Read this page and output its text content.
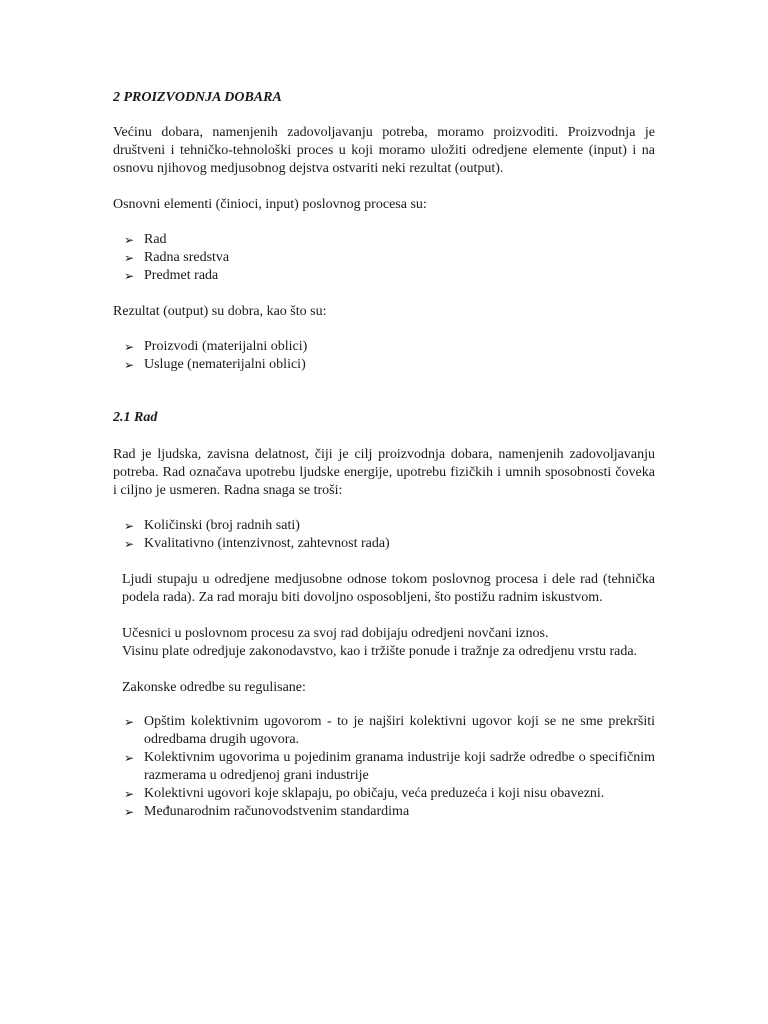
2 PROIZVODNJA DOBARA

Većinu dobara, namenjenih zadovoljavanju potreba, moramo proizvoditi. Proizvodnja je društveni i tehničko-tehnološki proces u koji moramo uložiti odredjene elemente (input) i na osnovu njihovog medjusobnog dejstva ostvariti neki rezultat (output).

Osnovni elementi (činioci, input) poslovnog procesa su:

➢ Rad
➢ Radna sredstva
➢ Predmet rada

Rezultat (output) su dobra, kao što su:

➢ Proizvodi (materijalni oblici)
➢ Usluge (nematerijalni oblici)

2.1 Rad

Rad je ljudska, zavisna delatnost, čiji je cilj proizvodnja dobara, namenjenih zadovoljavanju potreba. Rad označava upotrebu ljudske energije, upotrebu fizičkih i umnih sposobnosti čoveka i ciljno je usmeren. Radna snaga se troši:

➢ Količinski (broj radnih sati)
➢ Kvalitativno (intenzivnost, zahtevnost rada)

Ljudi stupaju u odredjene medjusobne odnose tokom poslovnog procesa i dele rad (tehnička podela rada). Za rad moraju biti dovoljno osposobljeni, što postižu radnim iskustvom.

Učesnici u poslovnom procesu za svoj rad dobijaju odredjeni novčani iznos.

Visinu plate odredjuje zakonodavstvo, kao i tržište ponude i tražnje za odredjenu vrstu rada.

Zakonske odredbe su regulisane:

➢ Opštim kolektivnim ugovorom - to je najširi kolektivni ugovor koji se ne sme prekršiti odredbama drugih ugovora.
➢ Kolektivnim ugovorima u pojedinim granama industrije koji sadrže odredbe o specifičnim razmerama u odredjenoj grani industrije
➢ Kolektivni ugovori koje sklapaju, po običaju, veća preduzeća i koji nisu obavezni.
➢ Međunarodnim računovodstvenim standardima
